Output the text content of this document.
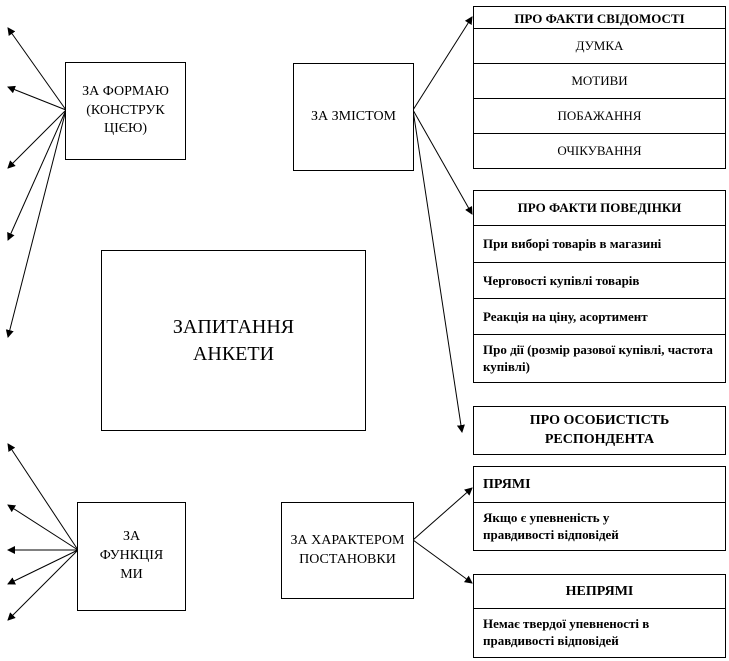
ЗАПИТАННЯ АНКЕТИ
ЗА ФОРМАЮ (КОНСТРУК ЦІЄЮ)
ЗА ЗМІСТОМ
ЗА ФУНКЦІЯ МИ
ЗА ХАРАКТЕРОМ ПОСТАНОВКИ
ПРО ФАКТИ СВІДОМОСТІ
ДУМКА
МОТИВИ
ПОБАЖАННЯ
ОЧІКУВАННЯ
ПРО ФАКТИ ПОВЕДІНКИ
При виборі товарів в магазині
Черговості купівлі товарів
Реакція на ціну, асортимент
Про дії (розмір разової купівлі, частота купівлі)
ПРО ОСОБИСТІСТЬ РЕСПОНДЕНТА
ПРЯМІ
Якщо є упевненість у правдивості відповідей
НЕПРЯМІ
Немає твердої упевненості в правдивості відповідей
